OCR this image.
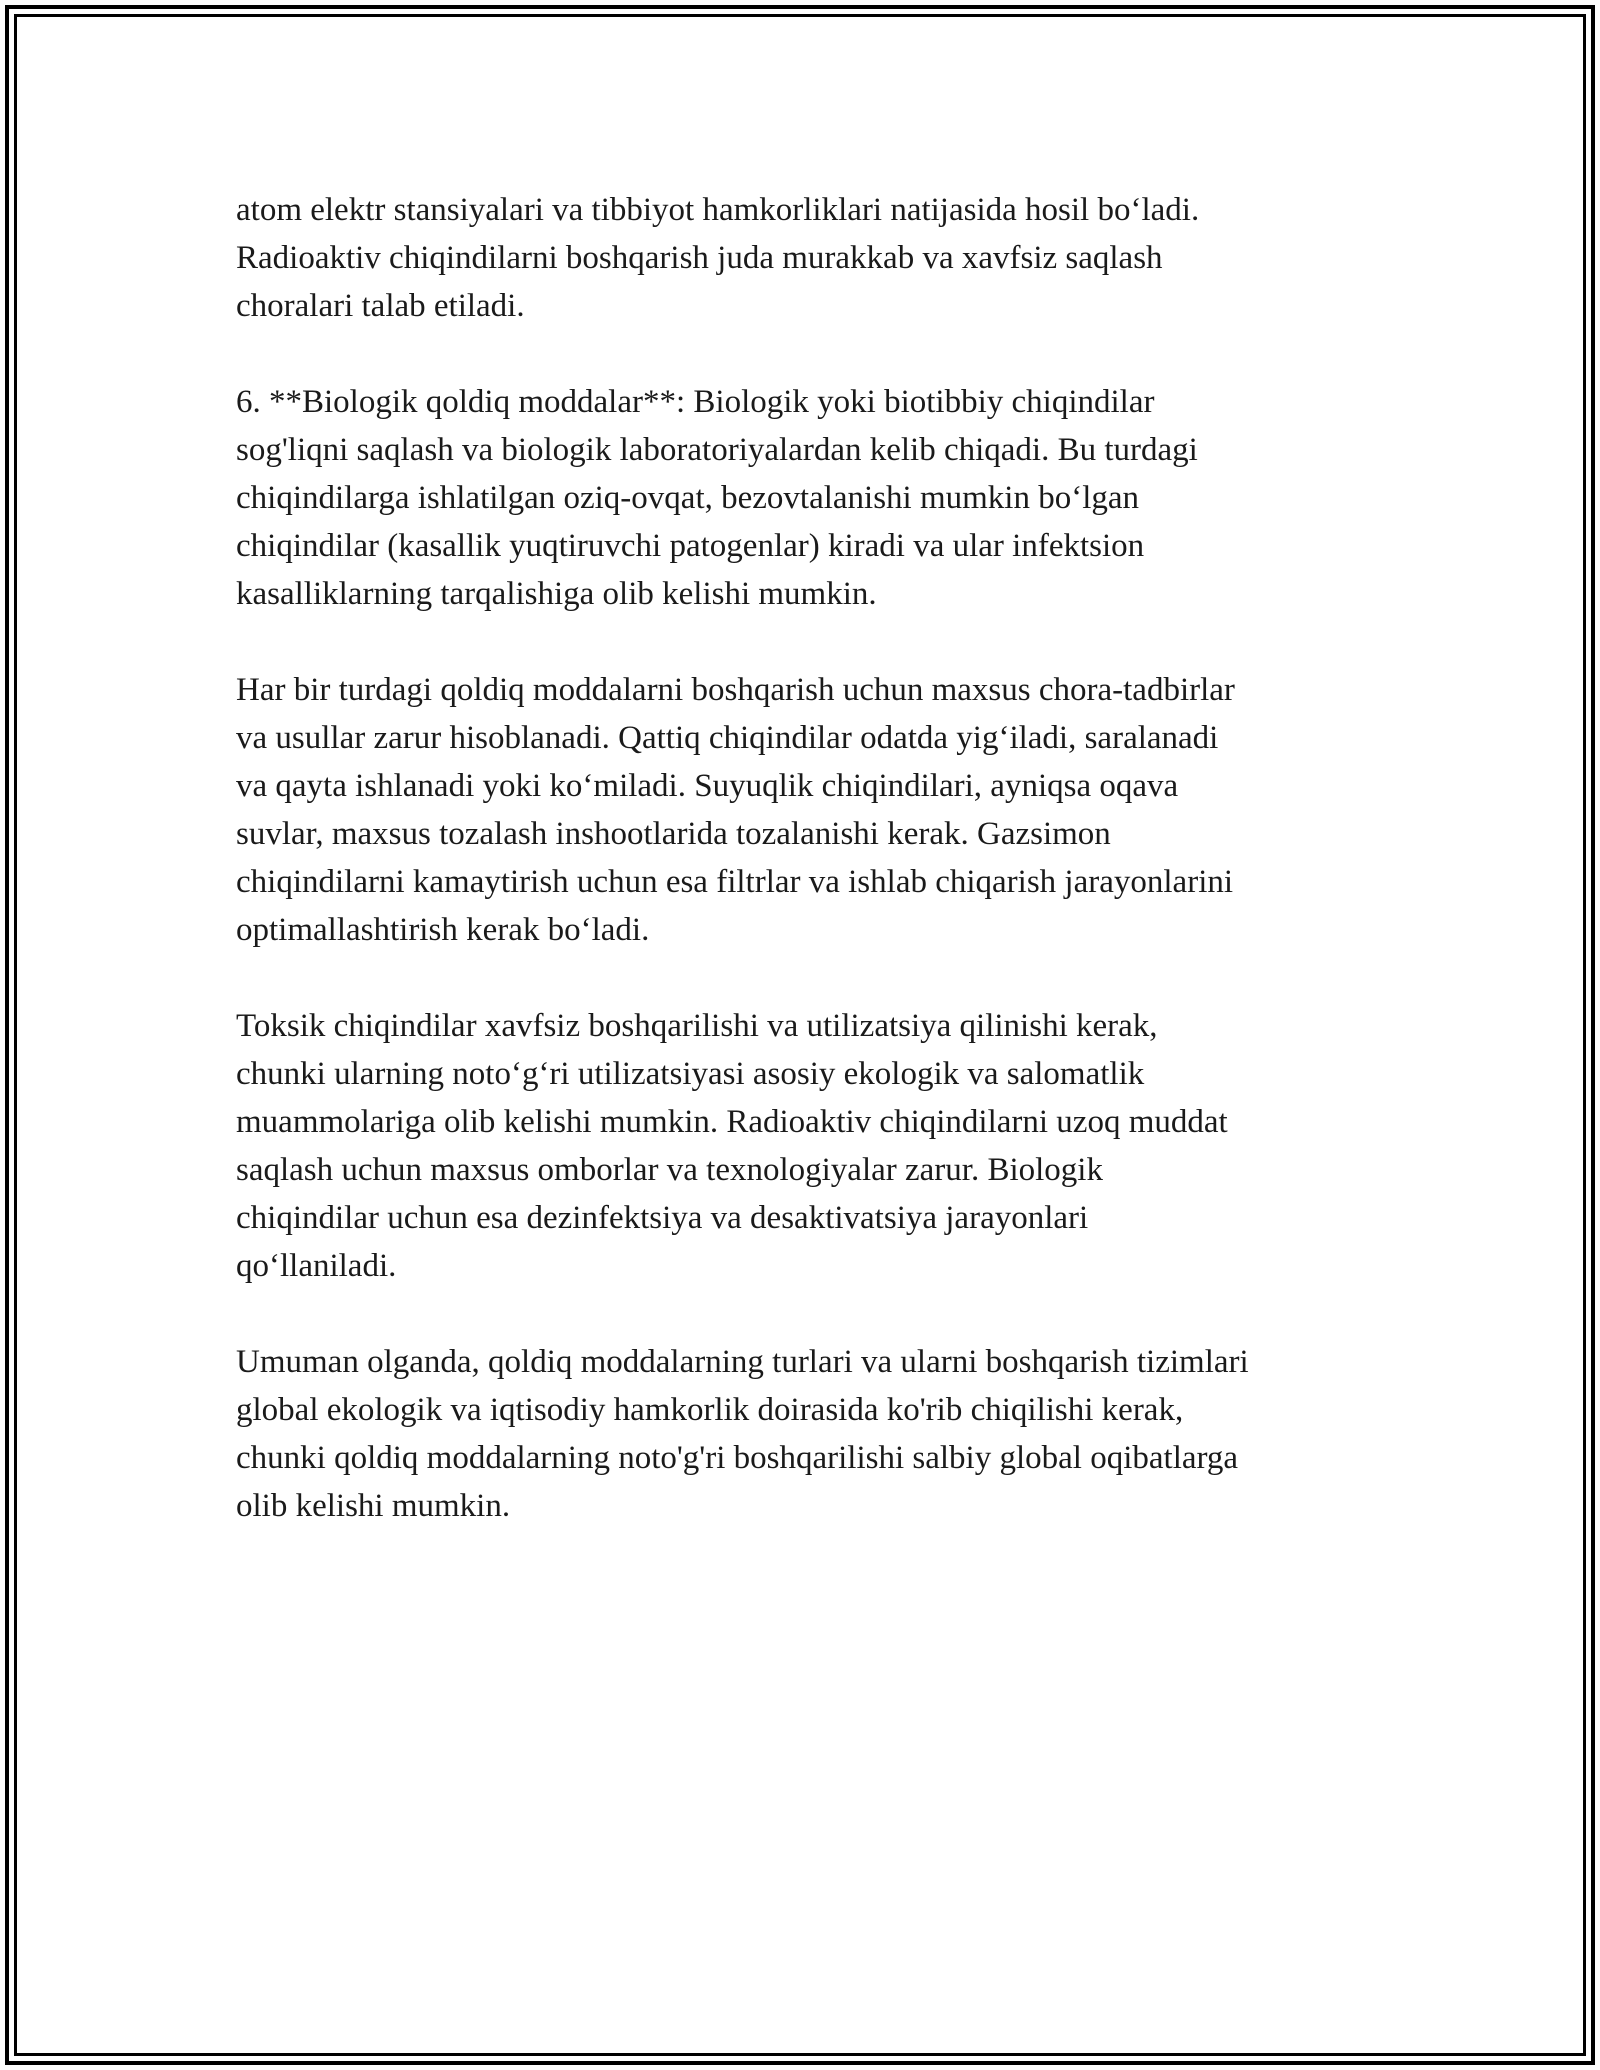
atom elektr stansiyalari va tibbiyot hamkorliklari natijasida hosil bo‘ladi.
Radioaktiv chiqindilarni boshqarish juda murakkab va xavfsiz saqlash
choralari talab etiladi.

6. **Biologik qoldiq moddalar**: Biologik yoki biotibbiy chiqindilar
sog'liqni saqlash va biologik laboratoriyalardan kelib chiqadi. Bu turdagi
chiqindilarga ishlatilgan oziq-ovqat, bezovtalanishi mumkin bo‘lgan
chiqindilar (kasallik yuqtiruvchi patogenlar) kiradi va ular infektsion
kasalliklarning tarqalishiga olib kelishi mumkin.

Har bir turdagi qoldiq moddalarni boshqarish uchun maxsus chora-tadbirlar
va usullar zarur hisoblanadi. Qattiq chiqindilar odatda yig‘iladi, saralanadi
va qayta ishlanadi yoki ko‘miladi. Suyuqlik chiqindilari, ayniqsa oqava
suvlar, maxsus tozalash inshootlarida tozalanishi kerak. Gazsimon
chiqindilarni kamaytirish uchun esa filtrlar va ishlab chiqarish jarayonlarini
optimallashtirish kerak bo‘ladi.

Toksik chiqindilar xavfsiz boshqarilishi va utilizatsiya qilinishi kerak,
chunki ularning noto‘g‘ri utilizatsiyasi asosiy ekologik va salomatlik
muammolariga olib kelishi mumkin. Radioaktiv chiqindilarni uzoq muddat
saqlash uchun maxsus omborlar va texnologiyalar zarur. Biologik
chiqindilar uchun esa dezinfektsiya va desaktivatsiya jarayonlari
qo‘llaniladi.

Umuman olganda, qoldiq moddalarning turlari va ularni boshqarish tizimlari
global ekologik va iqtisodiy hamkorlik doirasida ko'rib chiqilishi kerak,
chunki qoldiq moddalarning noto'g'ri boshqarilishi salbiy global oqibatlarga
olib kelishi mumkin.
